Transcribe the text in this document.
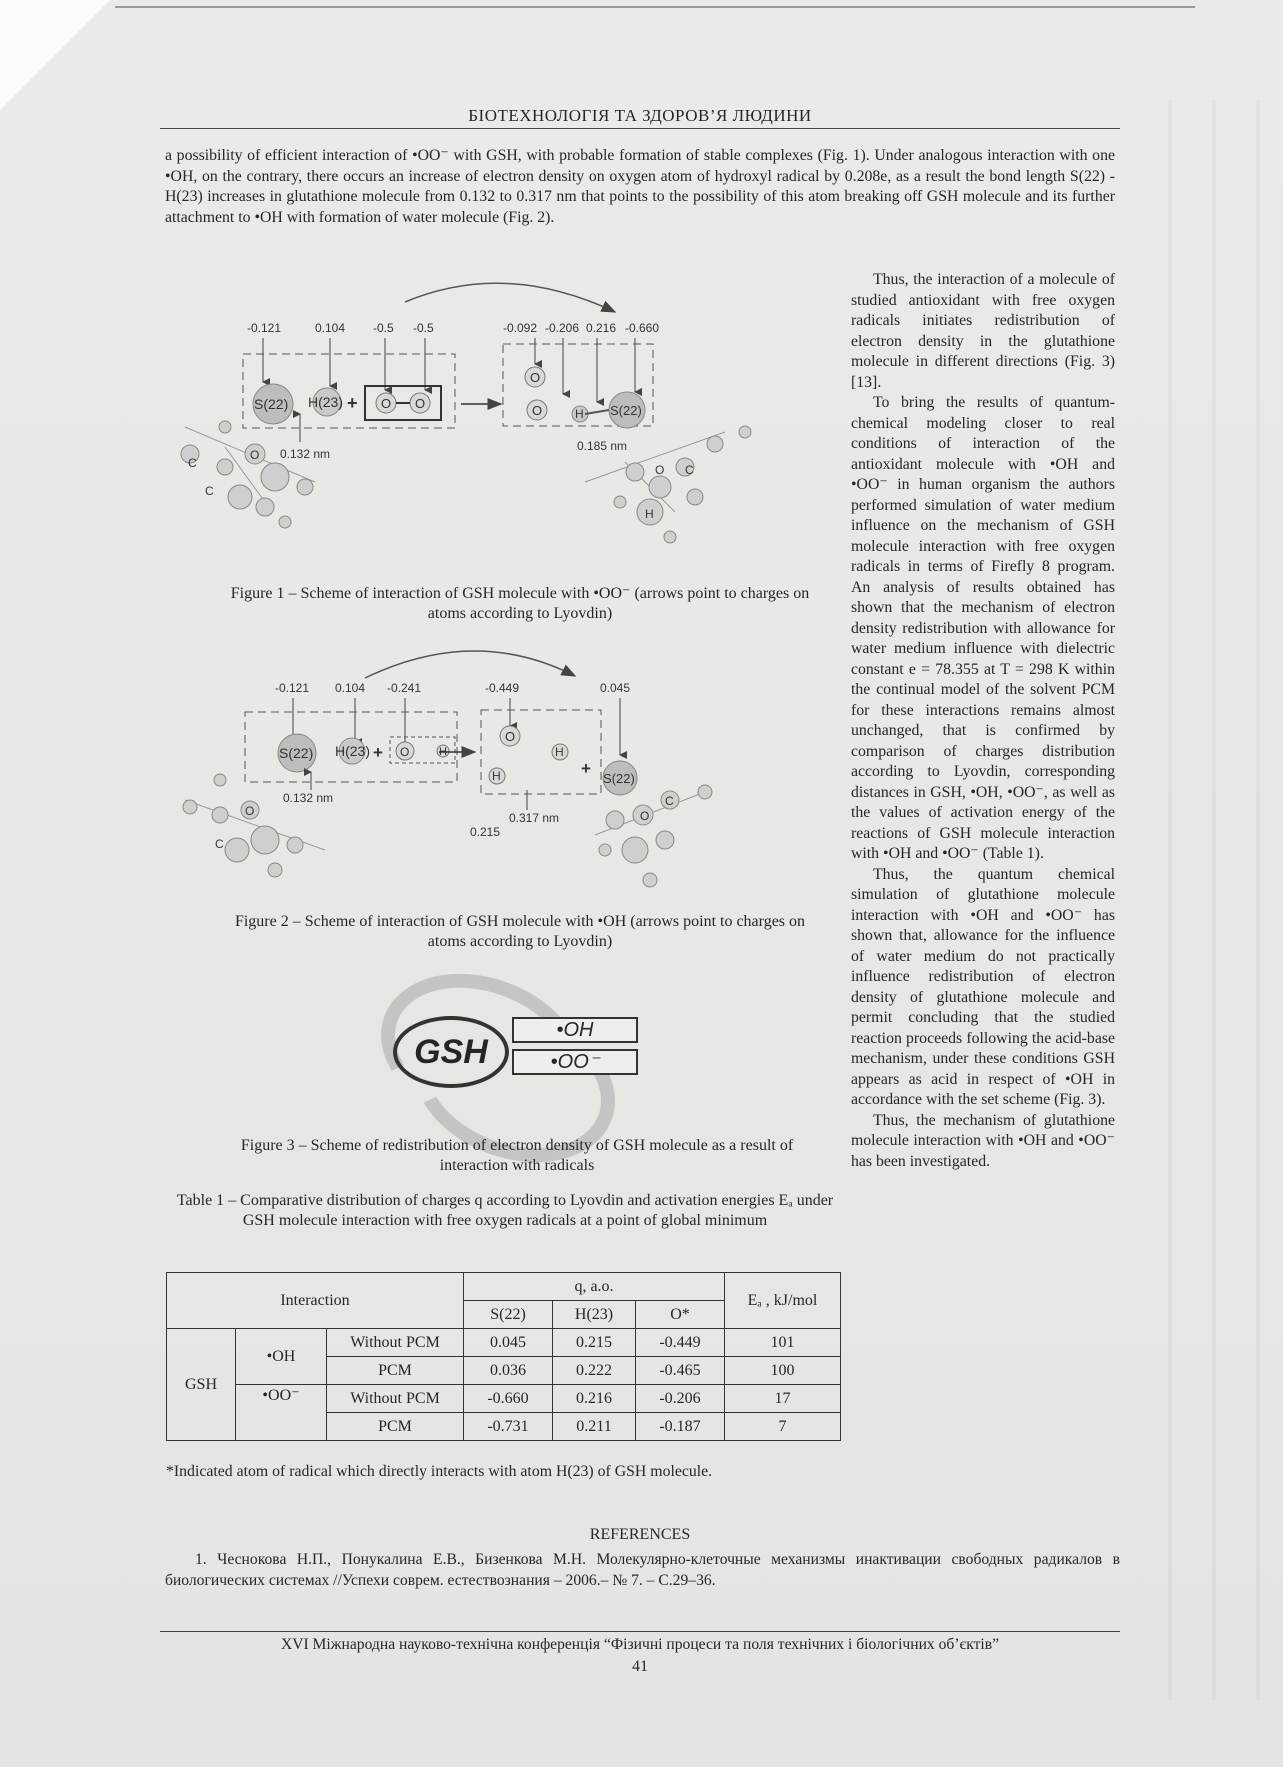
БІОТЕХНОЛОГІЯ ТА ЗДОРОВ’Я ЛЮДИНИ
a possibility of efficient interaction of •OO⁻ with GSH, with probable formation of stable complexes (Fig. 1). Under analogous interaction with one •OH, on the contrary, there occurs an increase of electron density on oxygen atom of hydroxyl radical by 0.208e, as a result the bond length S(22) - H(23) increases in glutathione molecule from 0.132 to 0.317 nm that points to the possibility of this atom breaking off GSH molecule and its further attachment to •OH with formation of water molecule (Fig. 2).
-0.121	0.104 -0.5 -0.5
S(22) H(23) + O O
0.132 nm
C
O
C
-0.092 -0.206 0.216 -0.660
O
O	H S(22)
0.185 nm
O C
H
Figure 1 – Scheme of interaction of GSH molecule with •OO⁻ (arrows point to charges on atoms according to Lyovdin)
-0.121 0.104 -0.241
S(22) H(23) + O	H
0.132 nm
C
O
-0.449	0.045
O
H
H	+
S(22)
0.317 nm
0.215
O
C
Figure 2 – Scheme of interaction of GSH molecule with •OH (arrows point to charges on atoms according to Lyovdin)
GSH
•OH
•OO⁻
Figure 3 – Scheme of redistribution of electron density of GSH molecule as a result of interaction with radicals
Table 1 – Comparative distribution of charges q according to Lyovdin and activation energies Eₐ under GSH molecule interaction with free oxygen radicals at a point of global minimum
Interaction			q, a.o.			Eₐ , kJ/mol
			S(22)	H(23)	O*	
GSH	•OH	Without PCM	0.045	0.215	-0.449	101
		PCM	0.036	0.222	-0.465	100
	•OO⁻	Without PCM	-0.660	0.216	-0.206	17
		PCM	-0.731	0.211	-0.187	7
*Indicated atom of radical which directly interacts with atom H(23) of GSH molecule.

Thus, the interaction of a molecule of studied antioxidant with free oxygen radicals initiates redistribution of electron density in the glutathione molecule in different directions (Fig. 3) [13].

To bring the results of quantum-chemical modeling closer to real conditions of interaction of the antioxidant molecule with •OH and •OO⁻ in human organism the authors performed simulation of water medium influence on the mechanism of GSH molecule interaction with free oxygen radicals in terms of Firefly 8 program. An analysis of results obtained has shown that the mechanism of electron density redistribution with allowance for water medium influence with dielectric constant e = 78.355 at T = 298 K within the continual model of the solvent PCM for these interactions remains almost unchanged, that is confirmed by comparison of charges distribution according to Lyovdin, corresponding distances in GSH, •OH, •OO⁻, as well as the values of activation energy of the reactions of GSH molecule interaction with •OH and •OO⁻ (Table 1).

Thus, the quantum chemical simulation of glutathione molecule interaction with •OH and •OO⁻ has shown that, allowance for the influence of water medium do not practically influence redistribution of electron density of glutathione molecule and permit concluding that the studied reaction proceeds following the acid-base mechanism, under these conditions GSH appears as acid in respect of •OH in accordance with the set scheme (Fig. 3).

Thus, the mechanism of glutathione molecule interaction with •OH and •OO⁻ has been investigated.

REFERENCES
1. Чеснокова Н.П., Понукалина Е.В., Бизенкова М.Н. Молекулярно-клеточные механизмы инактивации свободных радикалов в биологических системах //Успехи соврем. естествознания – 2006.– № 7. – С.29–36.
XVI Міжнародна науково-технічна конференція “Фізичні процеси та поля технічних і біологічних об’єктів”
41
